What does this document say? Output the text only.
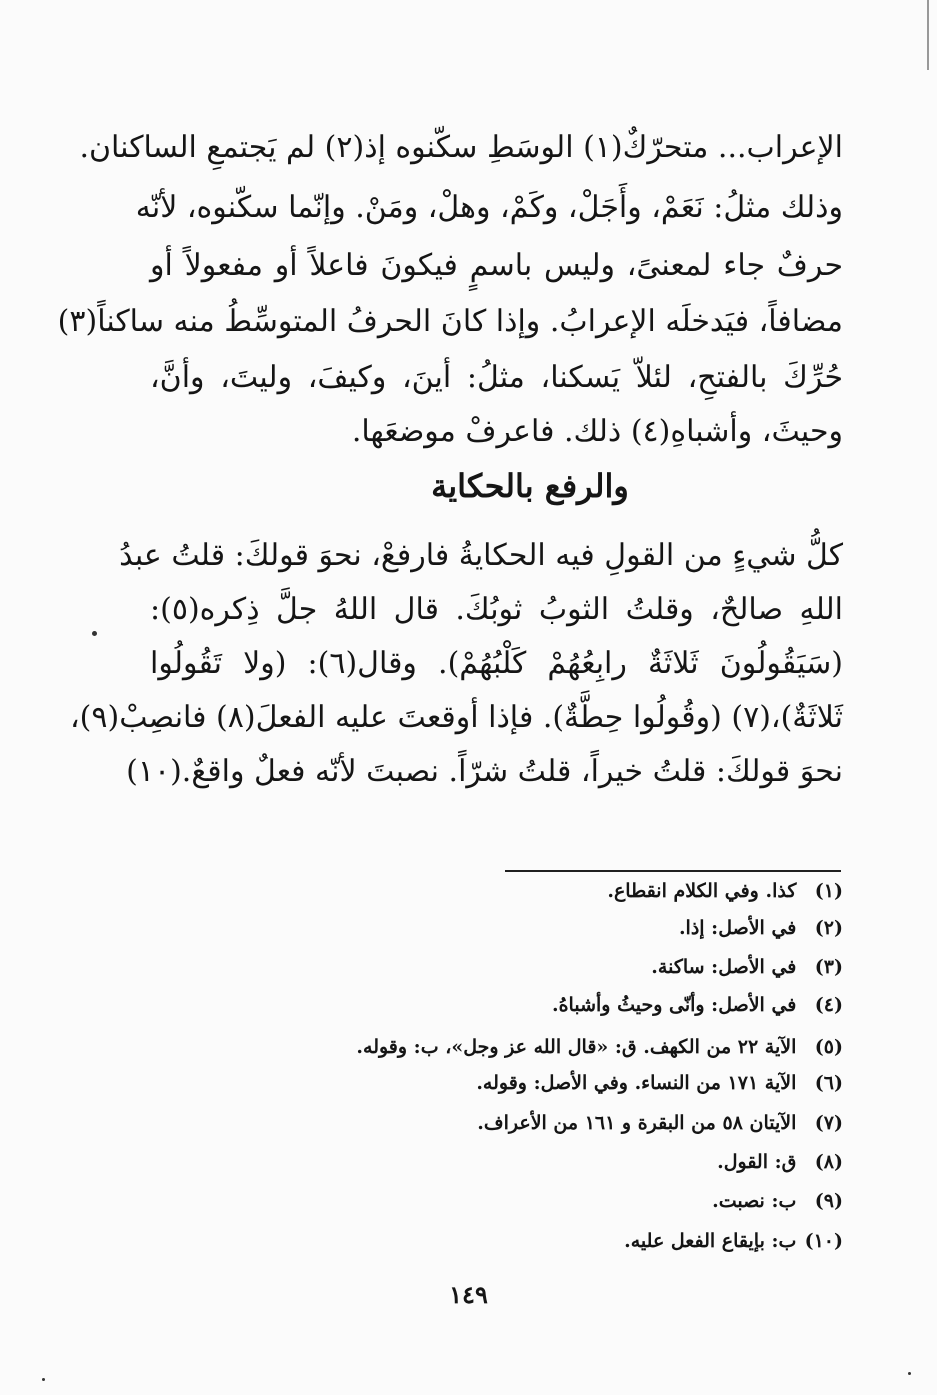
الإعراب... متحرّكٌ(١) الوسَطِ سكّنوه إذ(٢) لم يَجتمعِ الساكنان.
وذلك مثلُ: نَعَمْ، وأَجَلْ، وكَمْ، وهلْ، ومَنْ. وإنّما سكّنوه، لأنّه
حرفٌ جاء لمعنىً، وليس باسمٍ فيكونَ فاعلاً أو مفعولاً أو
مضافاً، فيَدخلَه الإعرابُ. وإذا كانَ الحرفُ المتوسِّطُ منه ساكناً(٣)
حُرِّكَ بالفتحِ، لئلاّ يَسكنا، مثلُ: أينَ، وكيفَ، وليتَ، وأنَّ،
وحيثَ، وأشباهِ(٤) ذلك. فاعرفْ موضعَها.
والرفع بالحكاية
كلُّ شيءٍ من القولِ فيه الحكايةُ فارفعْ، نحوَ قولكَ: قلتُ عبدُ
اللهِ صالحٌ، وقلتُ الثوبُ ثوبُكَ. قال اللهُ جلَّ ذِكره(٥):
(سَيَقُولُونَ ثَلاثَةٌ رابِعُهُمْ كَلْبُهُمْ). وقال(٦): (ولا تَقُولُوا
ثَلاثَةٌ)،(٧) (وقُولُوا حِطَّةٌ). فإذا أوقعتَ عليه الفعلَ(٨) فانصِبْ(٩)،
نحوَ قولكَ: قلتُ خيراً، قلتُ شرّاً. نصبتَ لأنّه فعلٌ واقعٌ.(١٠)
(١) كذا. وفي الكلام انقطاع.
(٢) في الأصل: إذا.
(٣) في الأصل: ساكنة.
(٤) في الأصل: وأنّى وحيثُ وأشباهُ.
(٥) الآية ٢٢ من الكهف. ق: «قال الله عز وجل»، ب: وقوله.
(٦) الآية ١٧١ من النساء. وفي الأصل: وقوله.
(٧) الآيتان ٥٨ من البقرة و ١٦١ من الأعراف.
(٨) ق: القول.
(٩) ب: نصبت.
(١٠) ب: بإيقاع الفعل عليه.
١٤٩
